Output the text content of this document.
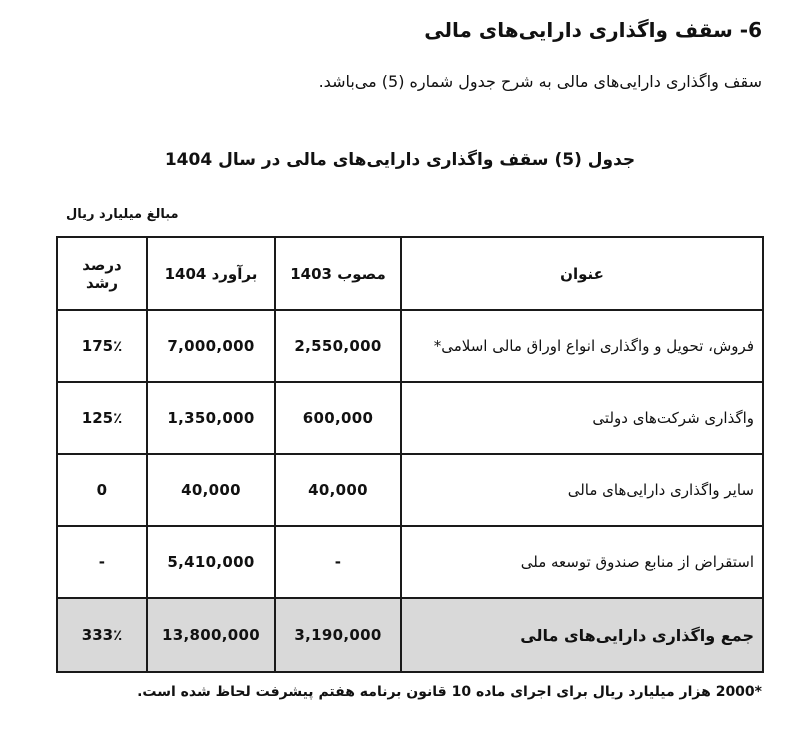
6- سقف واگذاری دارایی‌های مالی
سقف واگذاری دارایی‌های مالی به شرح جدول شماره (5) می‌باشد.
جدول (5) سقف واگذاری دارایی‌های مالی در سال 1404
مبالغ میلیارد ریال
درصد رشد	برآورد 1404	مصوب 1403	عنوان
175٪	7,000,000	2,550,000	فروش، تحویل و واگذاری انواع اوراق مالی اسلامی*
125٪	1,350,000	600,000	واگذاری شرکت‌های دولتی
0	40,000	40,000	سایر واگذاری دارایی‌های مالی
-	5,410,000	-	استقراض از منابع صندوق توسعه ملی
333٪	13,800,000	3,190,000	جمع واگذاری دارایی‌های مالی
*2000 هزار میلیارد ریال برای اجرای ماده 10 قانون برنامه هفتم پیشرفت لحاظ شده است.
